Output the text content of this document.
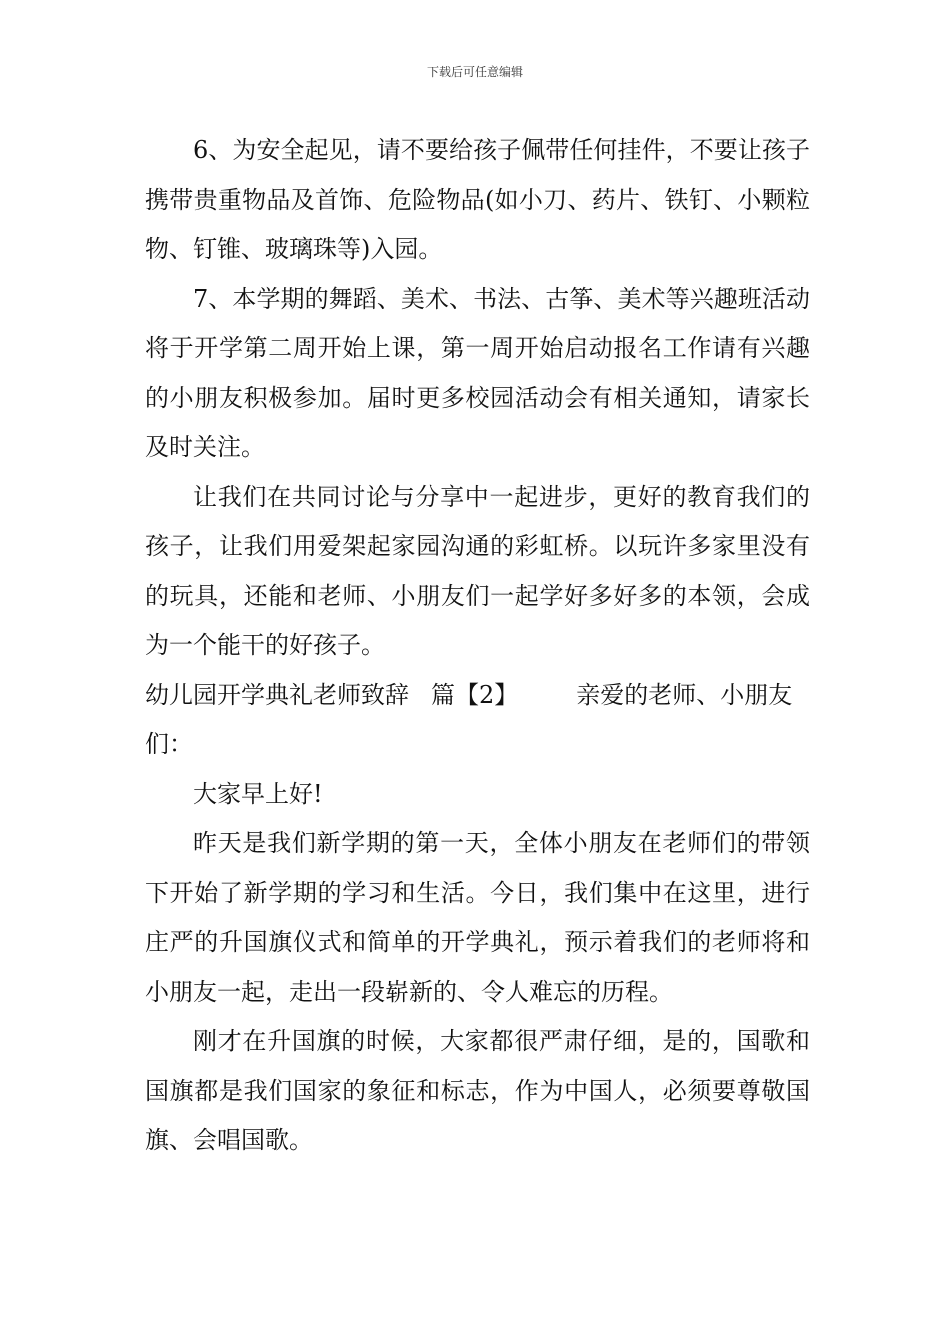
下载后可任意编辑

6、为安全起见，请不要给孩子佩带任何挂件，不要让孩子携带贵重物品及首饰、危险物品(如小刀、药片、铁钉、小颗粒物、钉锥、玻璃珠等)入园。

7、本学期的舞蹈、美术、书法、古筝、美术等兴趣班活动将于开学第二周开始上课，第一周开始启动报名工作请有兴趣的小朋友积极参加。届时更多校园活动会有相关通知，请家长及时关注。

让我们在共同讨论与分享中一起进步，更好的教育我们的孩子，让我们用爱架起家园沟通的彩虹桥。以玩许多家里没有的玩具，还能和老师、小朋友们一起学好多好多的本领，会成为一个能干的好孩子。

幼儿园开学典礼老师致辞 篇【2】 亲爱的老师、小朋友们：

大家早上好!

昨天是我们新学期的第一天，全体小朋友在老师们的带领下开始了新学期的学习和生活。今日，我们集中在这里，进行庄严的升国旗仪式和简单的开学典礼，预示着我们的老师将和小朋友一起，走出一段崭新的、令人难忘的历程。

刚才在升国旗的时候，大家都很严肃仔细，是的，国歌和国旗都是我们国家的象征和标志，作为中国人，必须要尊敬国旗、会唱国歌。
